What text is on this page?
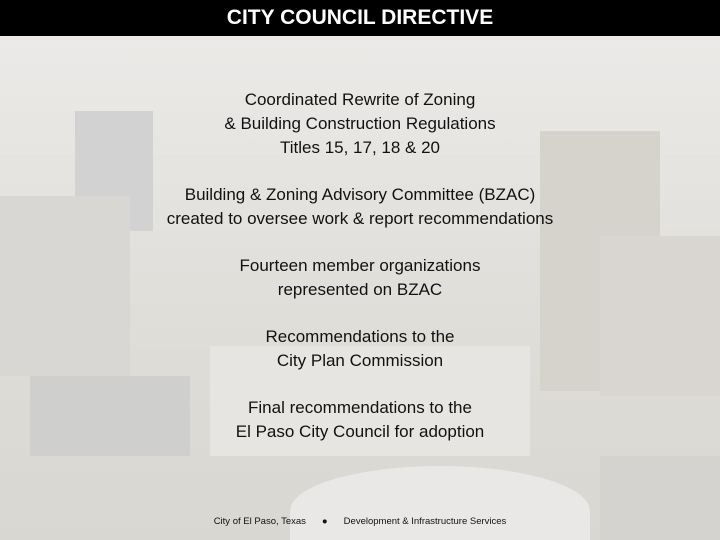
CITY COUNCIL DIRECTIVE
Coordinated Rewrite of Zoning
& Building Construction Regulations
Titles 15, 17, 18 & 20
Building & Zoning Advisory Committee (BZAC)
created to oversee work & report recommendations
Fourteen member organizations
represented on BZAC
Recommendations to the
City Plan Commission
Final recommendations to the
El Paso City Council for adoption
City of El Paso, Texas ● Development & Infrastructure Services
